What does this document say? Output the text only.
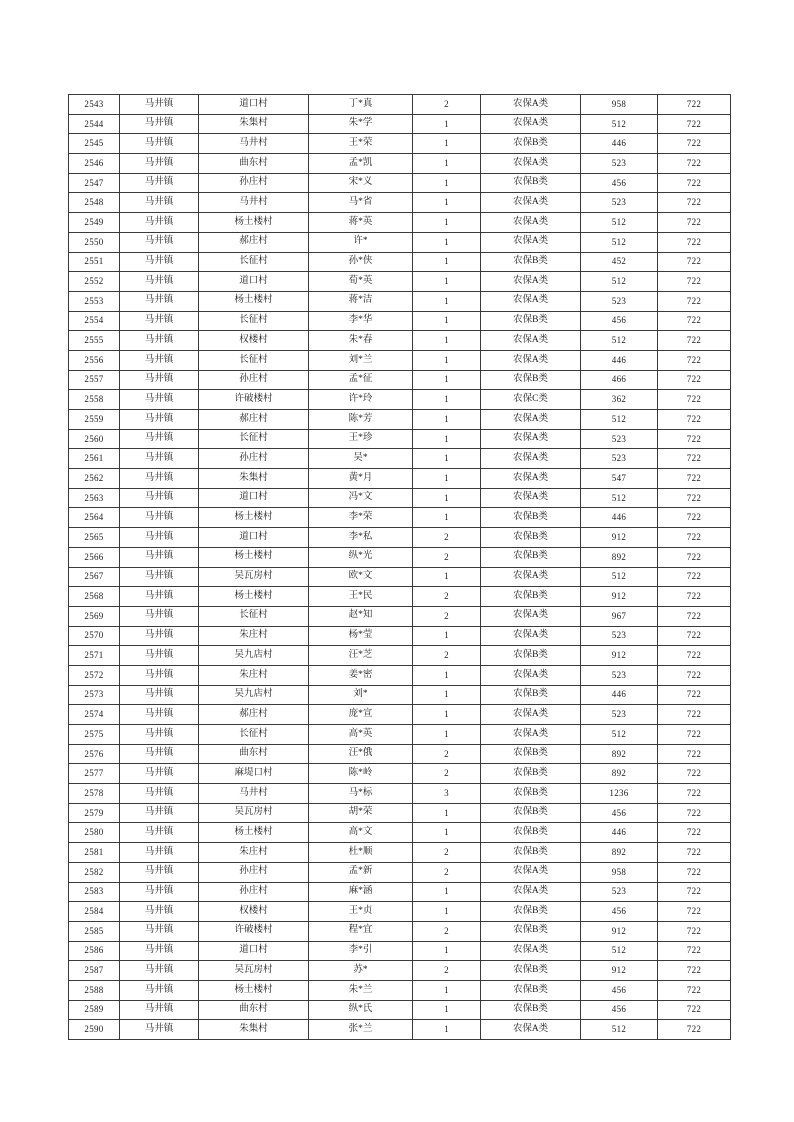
2543	马井镇	道口村	丁*真	2	农保A类	958	722
2544	马井镇	朱集村	朱*学	1	农保A类	512	722
2545	马井镇	马井村	王*荣	1	农保B类	446	722
2546	马井镇	曲东村	孟*凯	1	农保A类	523	722
2547	马井镇	孙庄村	宋*义	1	农保B类	456	722
2548	马井镇	马井村	马*省	1	农保A类	523	722
2549	马井镇	杨土楼村	蒋*英	1	农保A类	512	722
2550	马井镇	郝庄村	许*	1	农保A类	512	722
2551	马井镇	长征村	孙*侠	1	农保B类	452	722
2552	马井镇	道口村	荀*英	1	农保A类	512	722
2553	马井镇	杨土楼村	蒋*洁	1	农保A类	523	722
2554	马井镇	长征村	李*华	1	农保B类	456	722
2555	马井镇	权楼村	朱*春	1	农保A类	512	722
2556	马井镇	长征村	刘*兰	1	农保A类	446	722
2557	马井镇	孙庄村	孟*征	1	农保B类	466	722
2558	马井镇	许破楼村	许*玲	1	农保C类	362	722
2559	马井镇	郝庄村	陈*芳	1	农保A类	512	722
2560	马井镇	长征村	王*珍	1	农保A类	523	722
2561	马井镇	孙庄村	吴*	1	农保A类	523	722
2562	马井镇	朱集村	黄*月	1	农保A类	547	722
2563	马井镇	道口村	冯*文	1	农保A类	512	722
2564	马井镇	杨土楼村	李*荣	1	农保B类	446	722
2565	马井镇	道口村	李*私	2	农保B类	912	722
2566	马井镇	杨土楼村	纵*光	2	农保B类	892	722
2567	马井镇	吴瓦房村	欧*文	1	农保A类	512	722
2568	马井镇	杨土楼村	王*民	2	农保B类	912	722
2569	马井镇	长征村	赵*知	2	农保A类	967	722
2570	马井镇	朱庄村	杨*莹	1	农保A类	523	722
2571	马井镇	吴九店村	汪*芝	2	农保B类	912	722
2572	马井镇	朱庄村	姜*密	1	农保A类	523	722
2573	马井镇	吴九店村	刘*	1	农保B类	446	722
2574	马井镇	郝庄村	庞*宣	1	农保A类	523	722
2575	马井镇	长征村	高*英	1	农保A类	512	722
2576	马井镇	曲东村	汪*俄	2	农保B类	892	722
2577	马井镇	麻堤口村	陈*岭	2	农保B类	892	722
2578	马井镇	马井村	马*标	3	农保B类	1236	722
2579	马井镇	吴瓦房村	胡*荣	1	农保B类	456	722
2580	马井镇	杨土楼村	高*文	1	农保B类	446	722
2581	马井镇	朱庄村	杜*顺	2	农保B类	892	722
2582	马井镇	孙庄村	孟*新	2	农保A类	958	722
2583	马井镇	孙庄村	麻*涵	1	农保A类	523	722
2584	马井镇	权楼村	王*贞	1	农保B类	456	722
2585	马井镇	许破楼村	程*宜	2	农保B类	912	722
2586	马井镇	道口村	李*引	1	农保A类	512	722
2587	马井镇	吴瓦房村	苏*	2	农保B类	912	722
2588	马井镇	杨土楼村	朱*兰	1	农保B类	456	722
2589	马井镇	曲东村	纵*氏	1	农保B类	456	722
2590	马井镇	朱集村	张*兰	1	农保A类	512	722
